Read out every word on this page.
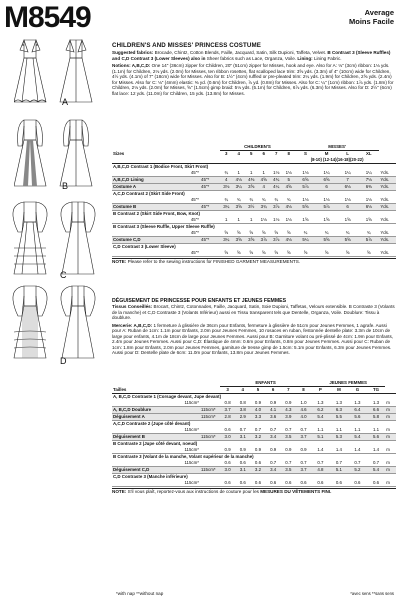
M8549
A
B
C
D
Average
Moins Facile
CHILDREN'S AND MISSES' PRINCESS COSTUME

Suggested fabrics: Brocade, Chintz, Cotton Blends, Faille, Jacquard, Satin, Silk Dupioni, Taffeta, Velvet. B Contrast 3 (Sleeve Ruffles) and C,D Contrast 3 (Lower Sleeves) also in Sheer fabrics such as Lace, Organza, Voile. Lining: Lining Fabric.

Notions: A,B,C,D: One 14" (36cm) zipper for Children, 20" (51cm) zipper for Misses, hook and eye. Also for A: ⅛" (3cm) ribbon: 1⅛ yds. (1.1m) for Children, 2⅛ yds. (2.0m) for Misses, ten ribbon rosettes, flat scalloped lace trim: 3⅝ yds. (3.3m) of 4" (10cm) wide for Children, 4½ yds. (4.1m) of 7" (18cm) wide for Misses. Also for B: 1½" (4cm) ruffled or pre-pleated trim: 2¼ yds. (1.9m) for Children, 2⅝ yds. (2.4m) for Misses. Also for C: ⅛" (4mm) elastic: ⅜ yd. (0.6m) for Children, ⅞ yd. (0.8m) for Misses. Also for C: ¼" (1cm) ribbon: 1⅞ yds. (1.8m) for Children, 2⅛ yds. (2.0m) for Misses, ⅝" (1.5cm) gimp braid: 5⅛ yds. (5.1m) for Children, 6⅞ yds. (6.3m) for Misses. Also for D: 2½" (6cm) flat lace: 12 yds. (11.0m) for Children, 15 yds. (13.8m) for Misses.

		CHILDREN'S						MISSES'				
Sizes		3	4	5	6	7	8	S	M	L	XL	
								(8-10) (12-14)(16-18)(20-22)				
A,B,C,D Contrast 1 (Bodice Front, Skirt Front)												
45"*		¾	1	1	1	1⅛	1⅛	1⅛	1¼	1¼	1¼	Yds.
A,B,C,D Lining	45"*	4	4⅛	4⅜	4⅝	4¾	5	6⅝	6⅝	7	7⅛	Yds.
Costume A	45"*	3⅛	3¼	3⅝	4	4¼	4⅝	5⅞	6	6⅛	6⅜	Yds.
A,C,D Contrast 2 (Skirt Side Front)												
45"*		¾	¾	¾	¾	¾	¾	1⅛	1⅛	1⅛	1⅛	Yds.
Costume B	45"*	3¼	3⅝	3½	3¾	3⅞	4⅛	5⅝	5⅞	6	6⅛	Yds.
B Contrast 2 (Skirt Side Front, Bow, Knot)												
45"*		1	1	1	1⅛	1⅛	1⅛	1⅝	1⅝	1⅝	1⅝	Yds.
B Contrast 3 (Sleeve Ruffle, Upper Sleeve Ruffle)												
45"*		⅝	⅝	⅝	⅝	⅝	⅝	¾	¾	¾	¾	Yds.
Costume C,D	45"*	3¼	3⅝	3⅝	3⅞	3⅞	4⅛	5¼	5⅝	5⅝	5⅞	Yds.
C,D Contrast 3 (Lower Sleeve)												
45"*		⅝	⅝	⅝	⅝	⅝	⅝	⅝	⅝	⅝	⅝	Yds.
NOTE: Please refer to the sewing instructions for FINISHED GARMENT MEASUREMENTS.
DÉGUISEMENT DE PRINCESSE POUR ENFANTS ET JEUNES FEMMES

Tissus Conseillés: Brocart, Chintz, Cotonnades, Faille, Jacquard, Satin, Soie Dupioni, Taffetas, Velours extensible. B Contraste 3 (Volants de la manche) et C,D Contraste 3 (Volants Inférieur) aussi en Tissu transparent tels que Dentelle, Organza, Voile. Doublure: Tissu à doublure.

Mercerie: A,B,C,D: 1 fermeture à glissière de 36cm pour Enfants, fermeture à glissière de 51cm pour Jeunes Femmes, 1 agrafe. Aussi pour A: Ruban de 1cm: 1.1m pour Enfants, 2.0m pour Jeunes Femmes, 10 rosaces en ruban, festonnée dentelle plate: 3.3m de 10cm de large pour enfants, 4.1m de 18cm de large pour Jeunes Femmes. Aussi pour B: Garniture volant ou pré-plissé de 4cm: 1.9m pour Enfants, 2.4m pour Jeunes Femmes. Aussi pour C,D: Élastique de 4mm: 0.6m pour Enfants, 0.8m pour Jeunes Femmes. Aussi pour C: Ruban de 1cm: 1.8m pour Enfants, 2.0m pour Jeunes Femmes, garniture de tresse gimp de 1.5cm: 5.1m pour Enfants, 6.3m pour Jeunes Femmes. Aussi pour D: Dentelle plate de 6cm: 11.0m pour Enfants, 13.8m pour Jeunes Femmes.

		ENFANTS						JEUNES FEMMES				
Tailles		3	4	5	6	7	8	P	M	G	TG	
A, B,C,D Contraste 1 (Corsage devant, Jupe devant)												
115cm*		0.8	0.8	0.9	0.9	0.9	1.0	1.3	1.3	1.3	1.3	m
A, B,C,D Doublure	115cm*	3.7	3.8	4.0	4.1	4.3	4.6	6.2	6.3	6.4	6.6	m
Déguisement A	115cm*	2.8	2.9	3.3	3.6	3.9	4.0	5.4	5.5	5.6	5.8	m
A,C,D Contraste 2 (Jupe côté devant)												
115cm*		0.6	0.7	0.7	0.7	0.7	0.7	1.1	1.1	1.1	1.1	m
Déguisement B	115cm*	3.0	3.1	3.2	3.4	3.5	3.7	5.1	5.3	5.4	5.6	m
B Contraste 2 (Jupe côté devant, noeud)												
115cm*		0.9	0.9	0.9	0.9	0.9	0.9	1.4	1.4	1.4	1.4	m
B Contraste 3 (Volant de la manche, Volant supérieur de la manche)												
115cm*		0.6	0.6	0.6	0.7	0.7	0.7	0.7	0.7	0.7	0.7	m
Déguisement C,D	115cm*	3.0	3.1	3.2	3.4	3.5	3.7	4.8	5.1	5.2	5.4	m
C,D Contraste 3 (Manche inférieure)												
115cm*		0.6	0.6	0.6	0.6	0.6	0.6	0.6	0.6	0.6	0.6	m
NOTE: S'il vous plaît, reportez-vous aux instructions de couture pour les MESURES DU VÊTEMENTS FINI.
*with nap **without nap	*avec sens **sans sens
